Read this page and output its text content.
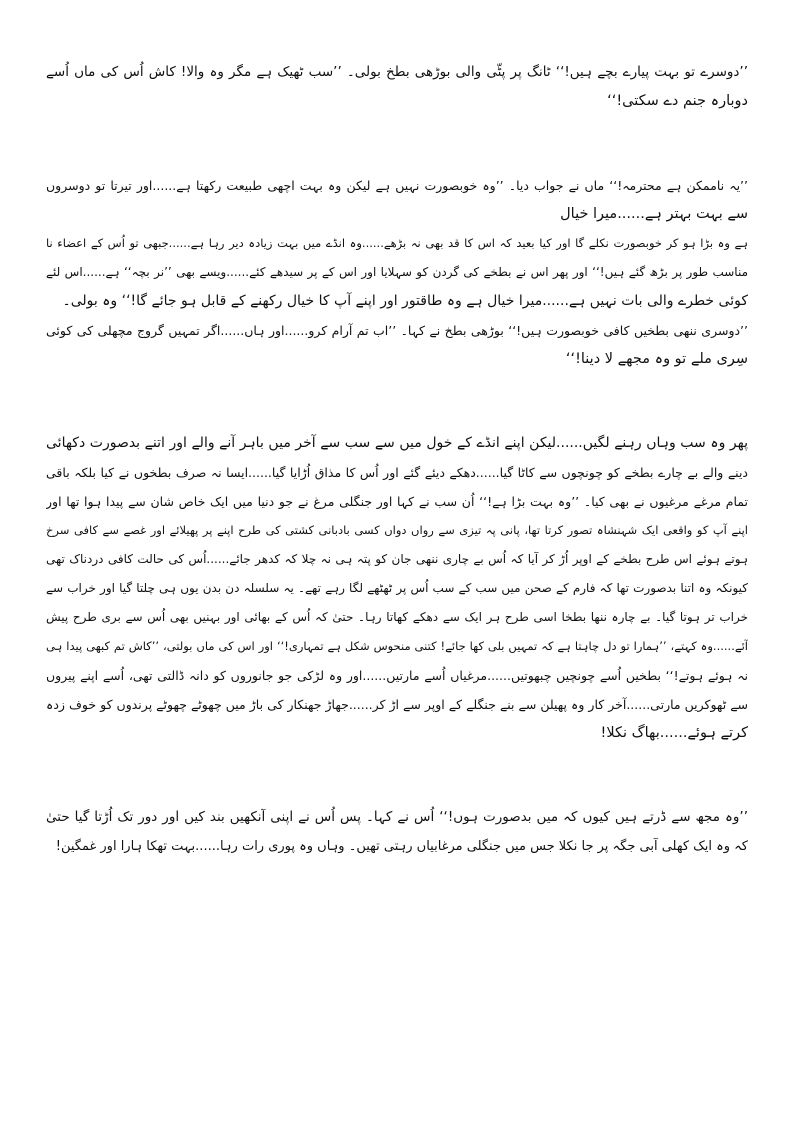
’’دوسرے تو بہت پیارے بچے ہیں!‘‘ ٹانگ پر پٹّی والی بوڑھی بطخ بولی۔ ’’سب ٹھیک ہے مگر وہ والا! کاش اُس کی ماں اُسے
دوبارہ جنم دے سکتی!‘‘
’’یہ ناممکن ہے محترمہ!‘‘ ماں نے جواب دیا۔ ’’وہ خوبصورت نہیں ہے لیکن وہ بہت اچھی طبیعت رکھتا ہے......اور تیرتا تو دوسروں
سے بہت بہتر ہے......میرا خیال
ہے وہ بڑا ہو کر خوبصورت نکلے گا اور کیا بعید کہ اس کا قد بھی نہ بڑھے......وہ انڈے میں بہت زیادہ دیر رہا ہے......جبھی تو اُس کے اعضاء نا
مناسب طور پر بڑھ گئے ہیں!‘‘ اور پھر اس نے بطخے کی گردن کو سہلایا اور اس کے پر سیدھے کئے......ویسے بھی ’’نر بچہ‘‘ ہے......اس لئے
کوئی خطرے والی بات نہیں ہے......میرا خیال ہے وہ طاقتور اور اپنے آپ کا خیال رکھنے کے قابل ہو جائے گا!‘‘ وہ بولی۔
’’دوسری ننھی بطخیں کافی خوبصورت ہیں!‘‘ بوڑھی بطخ نے کہا۔ ’’اب تم آرام کرو......اور ہاں......اگر تمہیں گروج مچھلی کی کوئی
سِری ملے تو وہ مجھے لا دینا!‘‘
پھر وہ سب وہاں رہنے لگیں......لیکن اپنے انڈے کے خول میں سے سب سے آخر میں باہر آنے والے اور اتنے بدصورت دکھائی
دینے والے بے چارے بطخے کو چونچوں سے کاٹا گیا......دھکے دیئے گئے اور اُس کا مذاق اُڑایا گیا......ایسا نہ صرف بطخوں نے کیا بلکہ باقی
تمام مرغے مرغیوں نے بھی کیا۔ ’’وہ بہت بڑا ہے!‘‘ اُن سب نے کہا اور جنگلی مرغ نے جو دنیا میں ایک خاص شان سے پیدا ہوا تھا اور
اپنے آپ کو واقعی ایک شہنشاہ تصور کرتا تھا، پانی پہ تیزی سے رواں دواں کسی بادبانی کشتی کی طرح اپنے پر پھیلائے اور غصے سے کافی سرخ
ہوتے ہوئے اس طرح بطخے کے اوپر اُڑ کر آیا کہ اُس بے چاری ننھی جان کو پتہ ہی نہ چلا کہ کدھر جائے......اُس کی حالت کافی دردناک تھی
کیونکہ وہ اتنا بدصورت تھا کہ فارم کے صحن میں سب کے سب اُس پر ٹھٹھے لگا رہے تھے۔ یہ سلسلہ دن بدن یوں ہی چلتا گیا اور خراب سے
خراب تر ہوتا گیا۔ بے چارہ ننھا بطخا اسی طرح ہر ایک سے دھکے کھاتا رہا۔ حتیٰ کہ اُس کے بھائی اور بہنیں بھی اُس سے بری طرح پیش
آئے......وہ کہتے، ’’ہمارا تو دل چاہتا ہے کہ تمہیں بلی کھا جائے! کتنی منحوس شکل ہے تمہاری!‘‘ اور اس کی ماں بولتی، ’’کاش تم کبھی پیدا ہی
نہ ہوئے ہوتے!‘‘ بطخیں اُسے چونچیں چبھوتیں......مرغیاں اُسے مارتیں......اور وہ لڑکی جو جانوروں کو دانہ ڈالتی تھی، اُسے اپنے پیروں
سے ٹھوکریں مارتی......آخر کار وہ پھیلن سے بنے جنگلے کے اوپر سے اڑ کر......جھاڑ جھنکار کی باڑ میں چھوٹے چھوٹے پرندوں کو خوف زدہ
کرتے ہوئے......بھاگ نکلا!
’’وہ مجھ سے ڈرتے ہیں کیوں کہ میں بدصورت ہوں!‘‘ اُس نے کہا۔ پس اُس نے اپنی آنکھیں بند کیں اور دور تک اُڑتا گیا حتیٰ
کہ وہ ایک کھلی آبی جگہ پر جا نکلا جس میں جنگلی مرغابیاں رہتی تھیں۔ وہاں وہ پوری رات رہا......بہت تھکا ہارا اور غمگین!
